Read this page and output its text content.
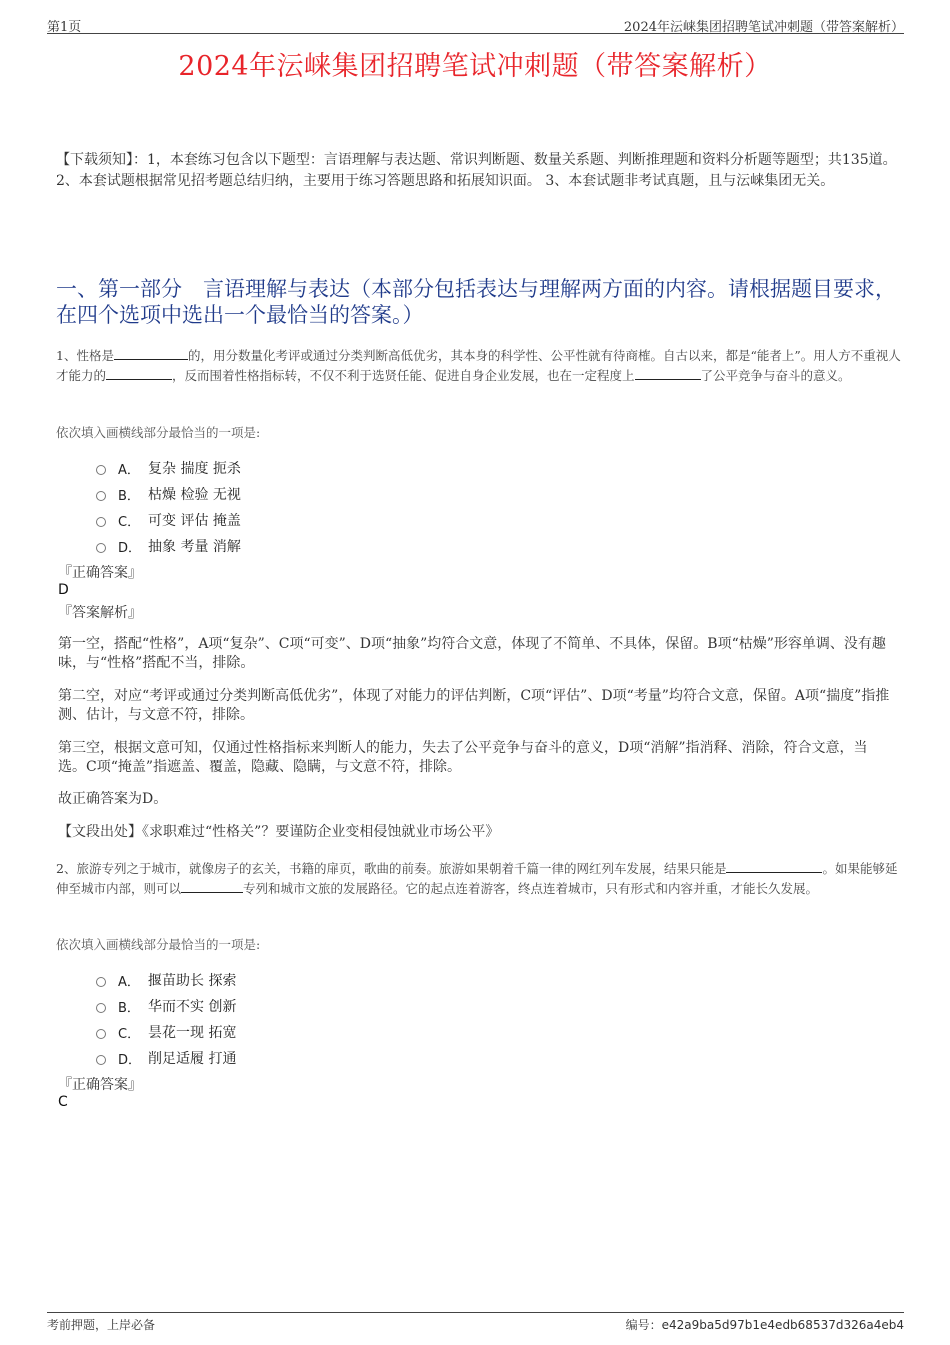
第1页	2024年沄崃集团招聘笔试冲刺题（带答案解析）
2024年沄崃集团招聘笔试冲刺题（带答案解析）
【下载须知】：1，本套练习包含以下题型：言语理解与表达题、常识判断题、数量关系题、判断推理题和资料分析题等题型；共135道。 2、本套试题根据常见招考题总结归纳，主要用于练习答题思路和拓展知识面。 3、本套试题非考试真题，且与沄崃集团无关。
一、第一部分　言语理解与表达（本部分包括表达与理解两方面的内容。请根据题目要求，在四个选项中选出一个最恰当的答案。）
1、性格是	的，用分数量化考评或通过分类判断高低优劣，其本身的科学性、公平性就有待商榷。自古以来，都是“能者上”。用人方不重视人才能力的	，反而围着性格指标转，不仅不利于选贤任能、促进自身企业发展，也在一定程度上	了公平竞争与奋斗的意义。
依次填入画横线部分最恰当的一项是:
A． 复杂 揣度 扼杀
B． 枯燥 检验 无视
C． 可变 评估 掩盖
D． 抽象 考量 消解
『正确答案』
D
『答案解析』
第一空，搭配“性格”，A项“复杂”、C项“可变”、D项“抽象”均符合文意，体现了不简单、不具体，保留。B项“枯燥”形容单调、没有趣味，与“性格”搭配不当，排除。
第二空，对应“考评或通过分类判断高低优劣”，体现了对能力的评估判断，C项“评估”、D项“考量”均符合文意，保留。A项“揣度”指推测、估计，与文意不符，排除。
第三空，根据文意可知，仅通过性格指标来判断人的能力，失去了公平竞争与奋斗的意义，D项“消解”指消释、消除，符合文意，当选。C项“掩盖”指遮盖、覆盖，隐藏、隐瞒，与文意不符，排除。
故正确答案为D。
【文段出处】《求职难过“性格关”？要谨防企业变相侵蚀就业市场公平》
2、旅游专列之于城市，就像房子的玄关，书籍的扉页，歌曲的前奏。旅游如果朝着千篇一律的网红列车发展，结果只能是	。如果能够延伸至城市内部，则可以	专列和城市文旅的发展路径。它的起点连着游客，终点连着城市，只有形式和内容并重，才能长久发展。
依次填入画横线部分最恰当的一项是:
A． 揠苗助长 探索
B． 华而不实 创新
C． 昙花一现 拓宽
D． 削足适履 打通
『正确答案』
C
考前押题，上岸必备	编号：e42a9ba5d97b1e4edb68537d326a4eb4
